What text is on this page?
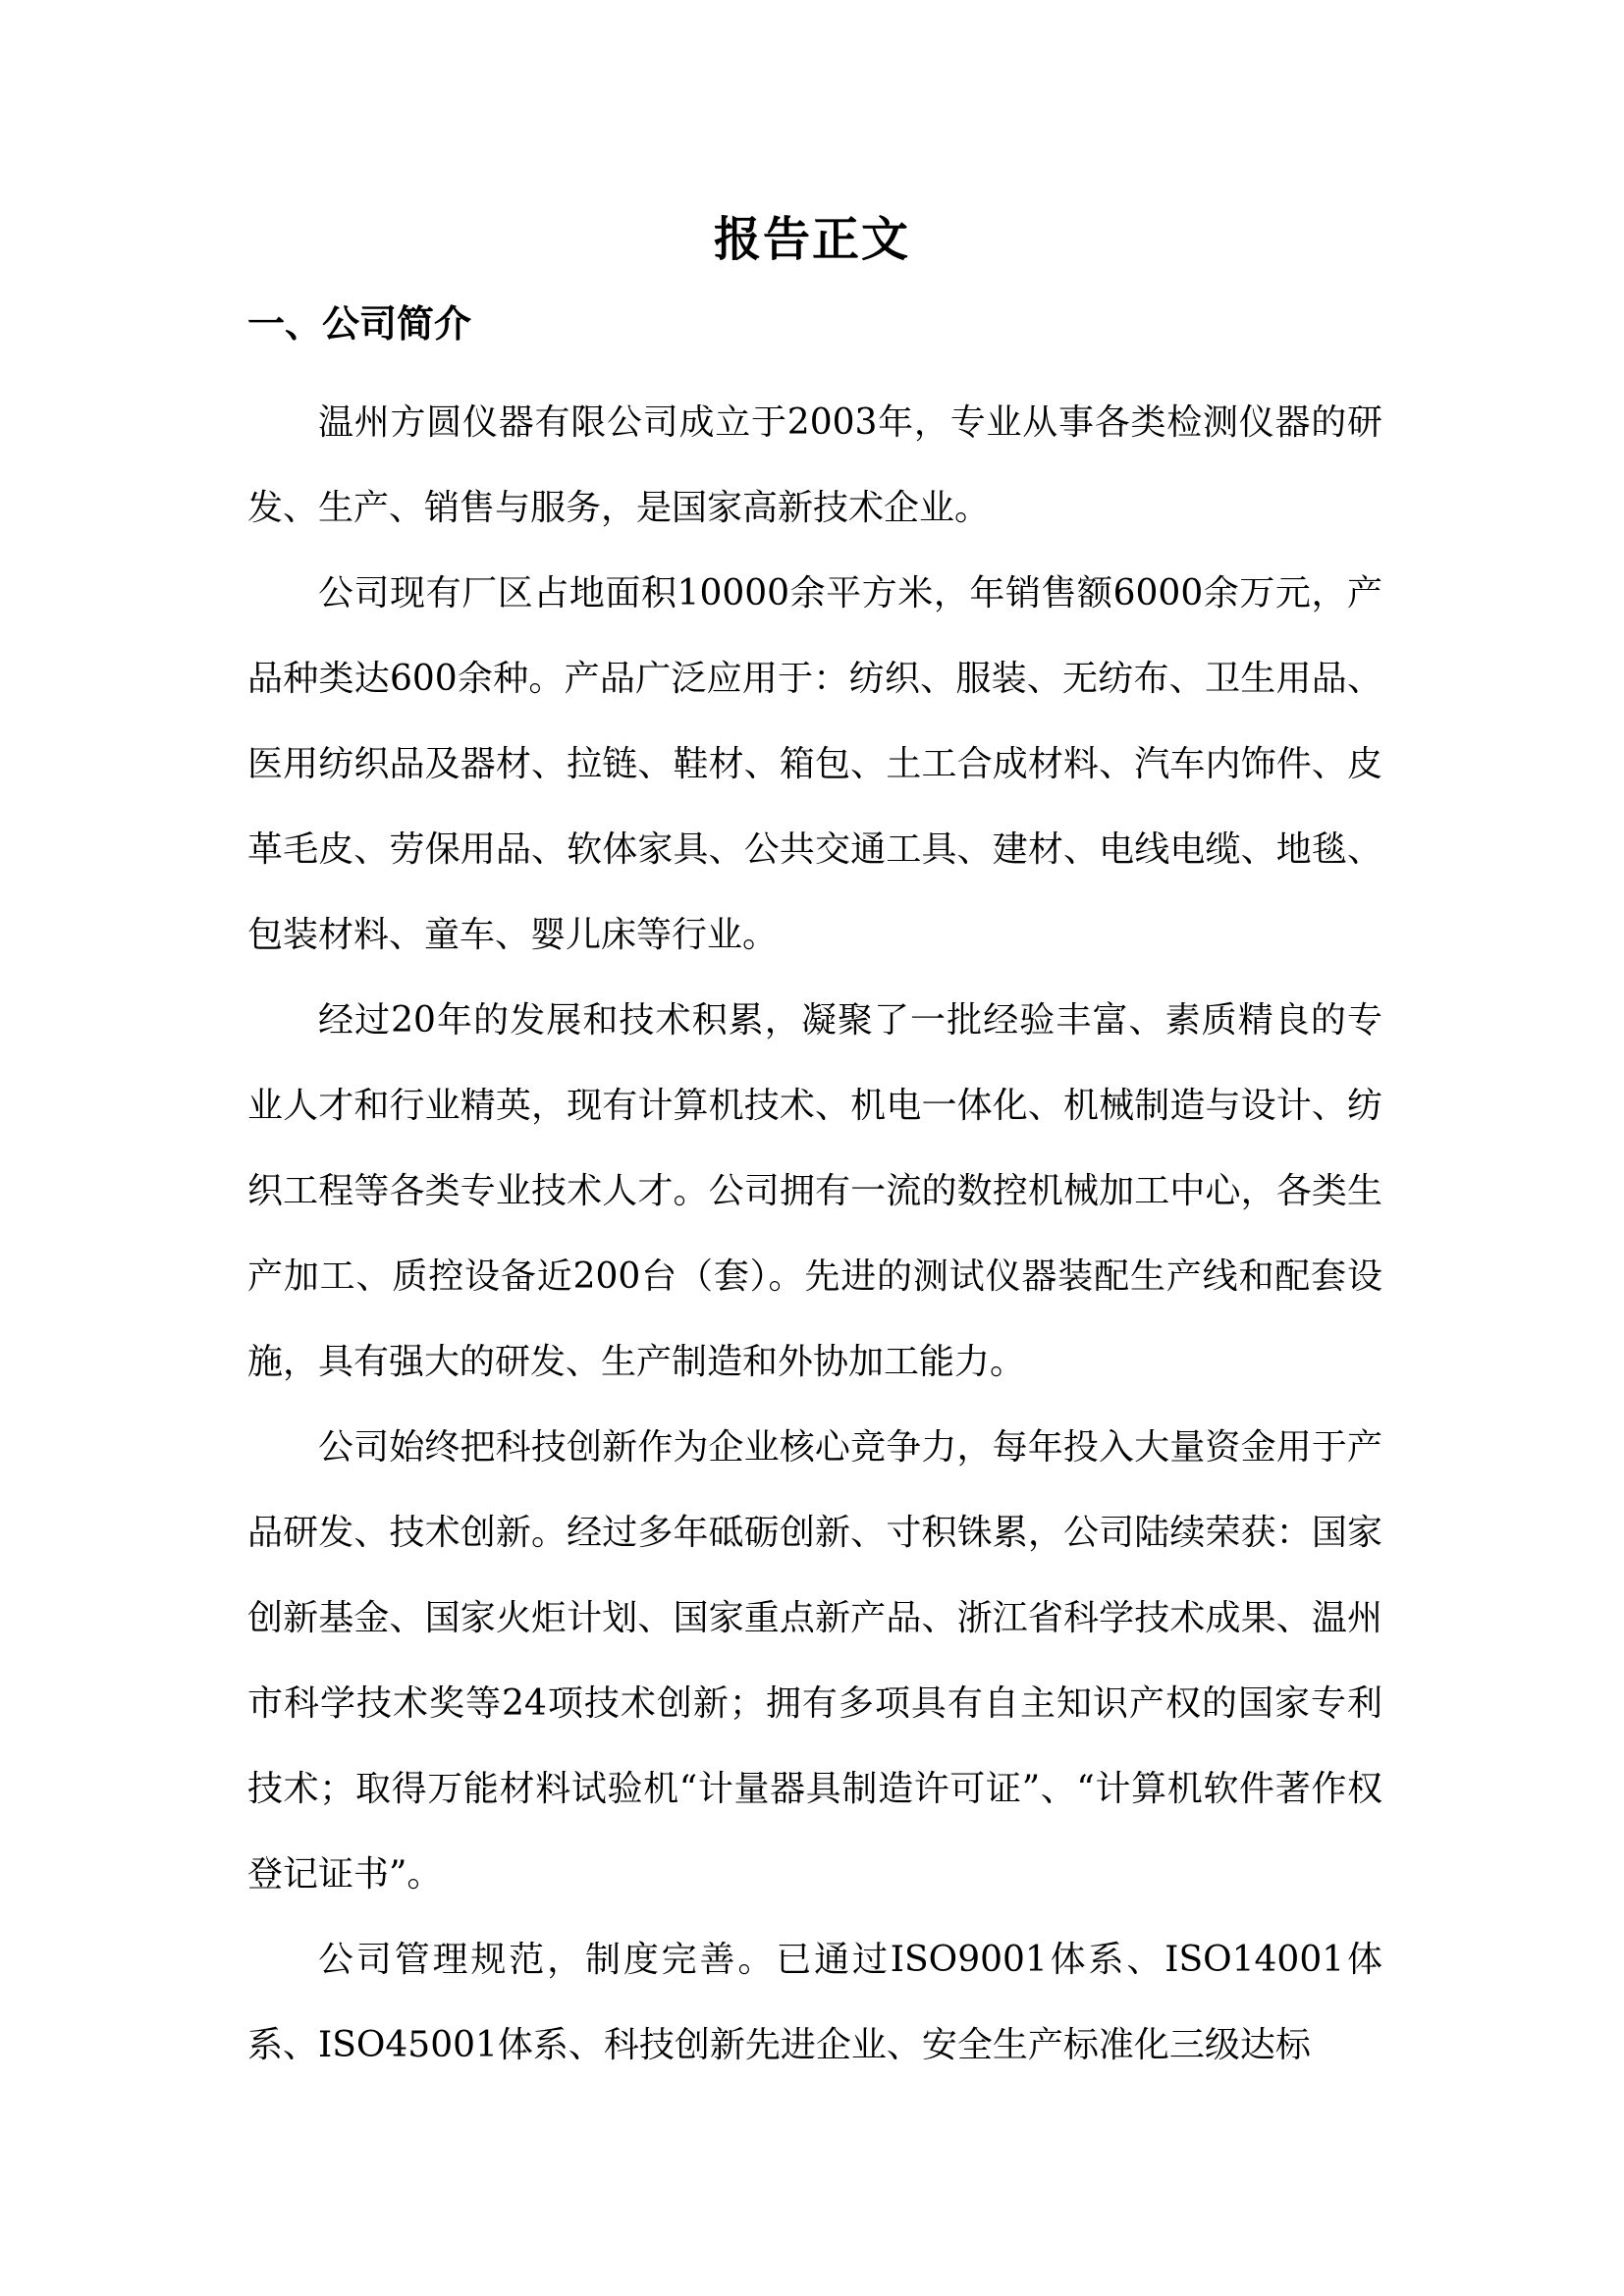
报告正文
一、公司简介

温州方圆仪器有限公司成立于2003年，专业从事各类检测仪器的研发、生产、销售与服务，是国家高新技术企业。

公司现有厂区占地面积10000余平方米，年销售额6000余万元，产品种类达600余种。产品广泛应用于：纺织、服装、无纺布、卫生用品、医用纺织品及器材、拉链、鞋材、箱包、土工合成材料、汽车内饰件、皮革毛皮、劳保用品、软体家具、公共交通工具、建材、电线电缆、地毯、包装材料、童车、婴儿床等行业。

经过20年的发展和技术积累，凝聚了一批经验丰富、素质精良的专业人才和行业精英，现有计算机技术、机电一体化、机械制造与设计、纺织工程等各类专业技术人才。公司拥有一流的数控机械加工中心，各类生产加工、质控设备近200台（套）。先进的测试仪器装配生产线和配套设施，具有强大的研发、生产制造和外协加工能力。

公司始终把科技创新作为企业核心竞争力，每年投入大量资金用于产品研发、技术创新。经过多年砥砺创新、寸积铢累，公司陆续荣获：国家创新基金、国家火炬计划、国家重点新产品、浙江省科学技术成果、温州市科学技术奖等24项技术创新；拥有多项具有自主知识产权的国家专利技术；取得万能材料试验机“计量器具制造许可证”、“计算机软件著作权登记证书”。

公司管理规范，制度完善。已通过ISO9001体系、ISO14001体系、ISO45001体系、科技创新先进企业、安全生产标准化三级达标
